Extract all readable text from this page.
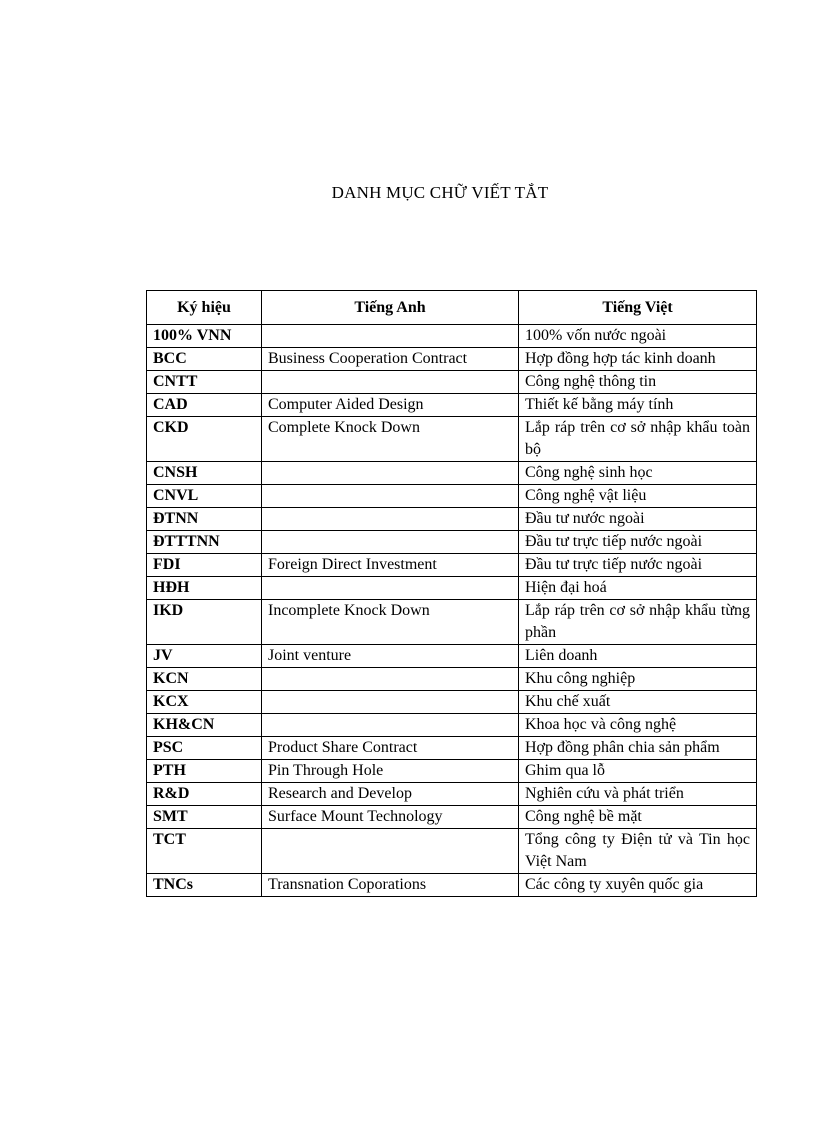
DANH MỤC CHỮ VIẾT TẮT
Ký hiệu	Tiếng Anh	Tiếng Việt
100% VNN		100% vốn nước ngoài
BCC	Business Cooperation Contract	Hợp đồng hợp tác kinh doanh
CNTT		Công nghệ thông tin
CAD	Computer Aided Design	Thiết kế bằng máy tính
CKD	Complete Knock Down	Lắp ráp trên cơ sở nhập khẩu toàn bộ
CNSH		Công nghệ sinh học
CNVL		Công nghệ vật liệu
ĐTNN		Đầu tư nước ngoài
ĐTTTNN		Đầu tư trực tiếp nước ngoài
FDI	Foreign Direct Investment	Đầu tư trực tiếp nước ngoài
HĐH		Hiện đại hoá
IKD	Incomplete Knock Down	Lắp ráp trên cơ sở nhập khẩu từng phần
JV	Joint venture	Liên doanh
KCN		Khu công nghiệp
KCX		Khu chế xuất
KH&CN		Khoa học và công nghệ
PSC	Product Share Contract	Hợp đồng phân chia sản phẩm
PTH	Pin Through Hole	Ghim qua lỗ
R&D	Research and Develop	Nghiên cứu và phát triển
SMT	Surface Mount Technology	Công nghệ bề mặt
TCT		Tổng công ty Điện tử và Tin học Việt Nam
TNCs	Transnation Coporations	Các công ty xuyên quốc gia
